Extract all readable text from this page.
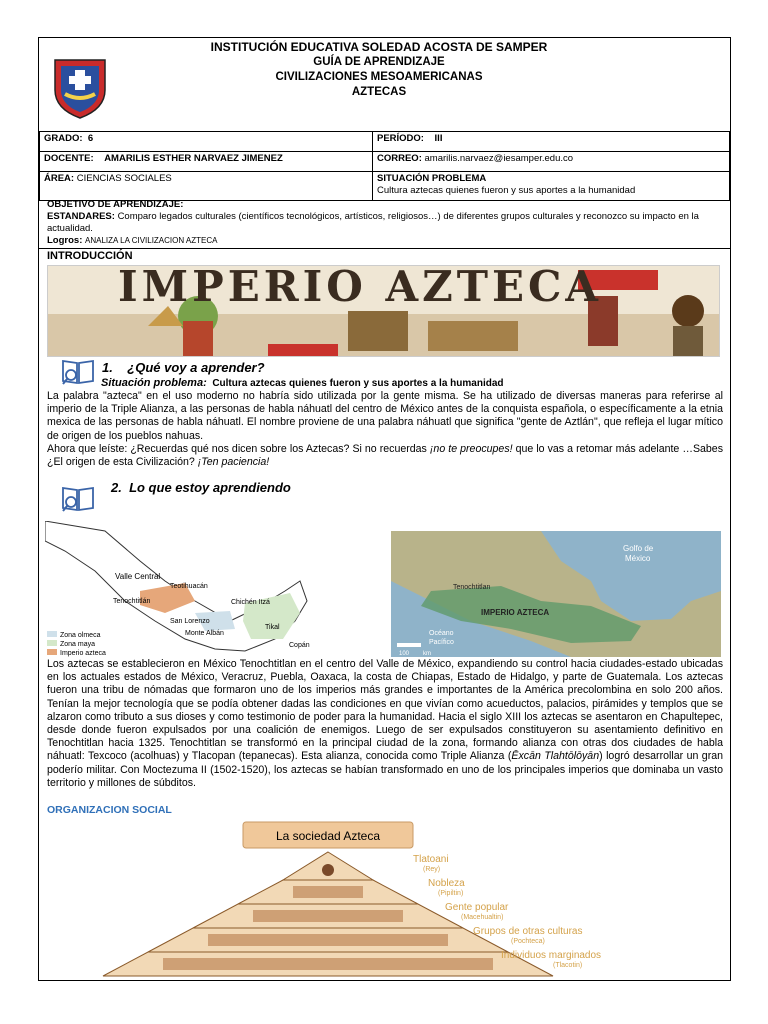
INSTITUCIÓN EDUCATIVA SOLEDAD ACOSTA DE SAMPER
GUÍA DE APRENDIZAJE
CIVILIZACIONES MESOAMERICANAS
AZTECAS
GRADO: 6	PERÍODO: III
DOCENTE: AMARILIS ESTHER NARVAEZ JIMENEZ	CORREO: amarilis.narvaez@iesamper.edu.co
ÁREA: CIENCIAS SOCIALES	SITUACIÓN PROBLEMA
Cultura aztecas quienes fueron y sus aportes a la humanidad
OBJETIVO DE APRENDIZAJE:
ESTANDARES: Comparo legados culturales (científicos tecnológicos, artísticos, religiosos…) de diferentes grupos culturales y reconozco su impacto en la actualidad.
Logros: ANALIZA LA CIVILIZACION AZTECA
INTRODUCCIÓN
IMPERIO AZTECA
1.    ¿Qué voy a aprender?
Situación problema: Cultura aztecas quienes fueron y sus aportes a la humanidad
La palabra "azteca" en el uso moderno no habría sido utilizada por la gente misma. Se ha utilizado de diversas maneras para referirse al imperio de la Triple Alianza, a las personas de habla náhuatl del centro de México antes de la conquista española, o específicamente a la etnia mexica de las personas de habla náhuatl. El nombre proviene de una palabra náhuatl que significa "gente de Aztlán", que refleja el lugar mítico de origen de los pueblos nahuas.
Ahora que leíste: ¿Recuerdas qué nos dicen sobre los Aztecas? Si no recuerdas ¡no te preocupes! que lo vas a retomar más adelante …Sabes ¿El origen de esta Civilización? ¡Ten paciencia!
2.  Lo que estoy aprendiendo
Valle Central
Teotihuacán
Tenochtitlán	Chichén Itzá
San Lorenzo
Monte Albán
Tikal
Copán
Zona olmeca
Zona maya
Imperio azteca
Golfo de
México
Tenochtitlan
IMPERIO AZTECA
Océano
Pacífico
100 km
Los aztecas se establecieron en México Tenochtitlan en el centro del Valle de México, expandiendo su control hacia ciudades-estado ubicadas en los actuales estados de México, Veracruz, Puebla, Oaxaca, la costa de Chiapas, Estado de Hidalgo, y parte de Guatemala. Los aztecas fueron una tribu de nómadas que formaron uno de los imperios más grandes e importantes de la América precolombina en solo 200 años. Tenían la mejor tecnología que se podía obtener dadas las condiciones en que vivían como acueductos, palacios, pirámides y templos que se alzaron como tributo a sus dioses y como testimonio de poder para la humanidad. Hacia el siglo XIII los aztecas se asentaron en Chapultepec, desde donde fueron expulsados por una coalición de enemigos. Luego de ser expulsados constituyeron su asentamiento definitivo en Tenochtitlan hacia 1325. Tenochtitlan se transformó en la principal ciudad de la zona, formando alianza con otras dos ciudades de habla náhuatl: Texcoco (acolhuas) y Tlacopan (tepanecas). Esta alianza, conocida como Triple Alianza (Ēxcān Tlahtōlōyān) logró desarrollar un gran poderío militar. Con Moctezuma II (1502-1520), los aztecas se habían transformado en uno de los principales imperios que dominaba un vasto territorio y millones de súbditos.
ORGANIZACION SOCIAL
La sociedad Azteca
Tlatoani
(Rey)
Nobleza
(Pipiltin)
Gente popular
(Macehualtin)
Grupos de otras culturas
(Pochteca)
Individuos marginados
(Tlacotin)
